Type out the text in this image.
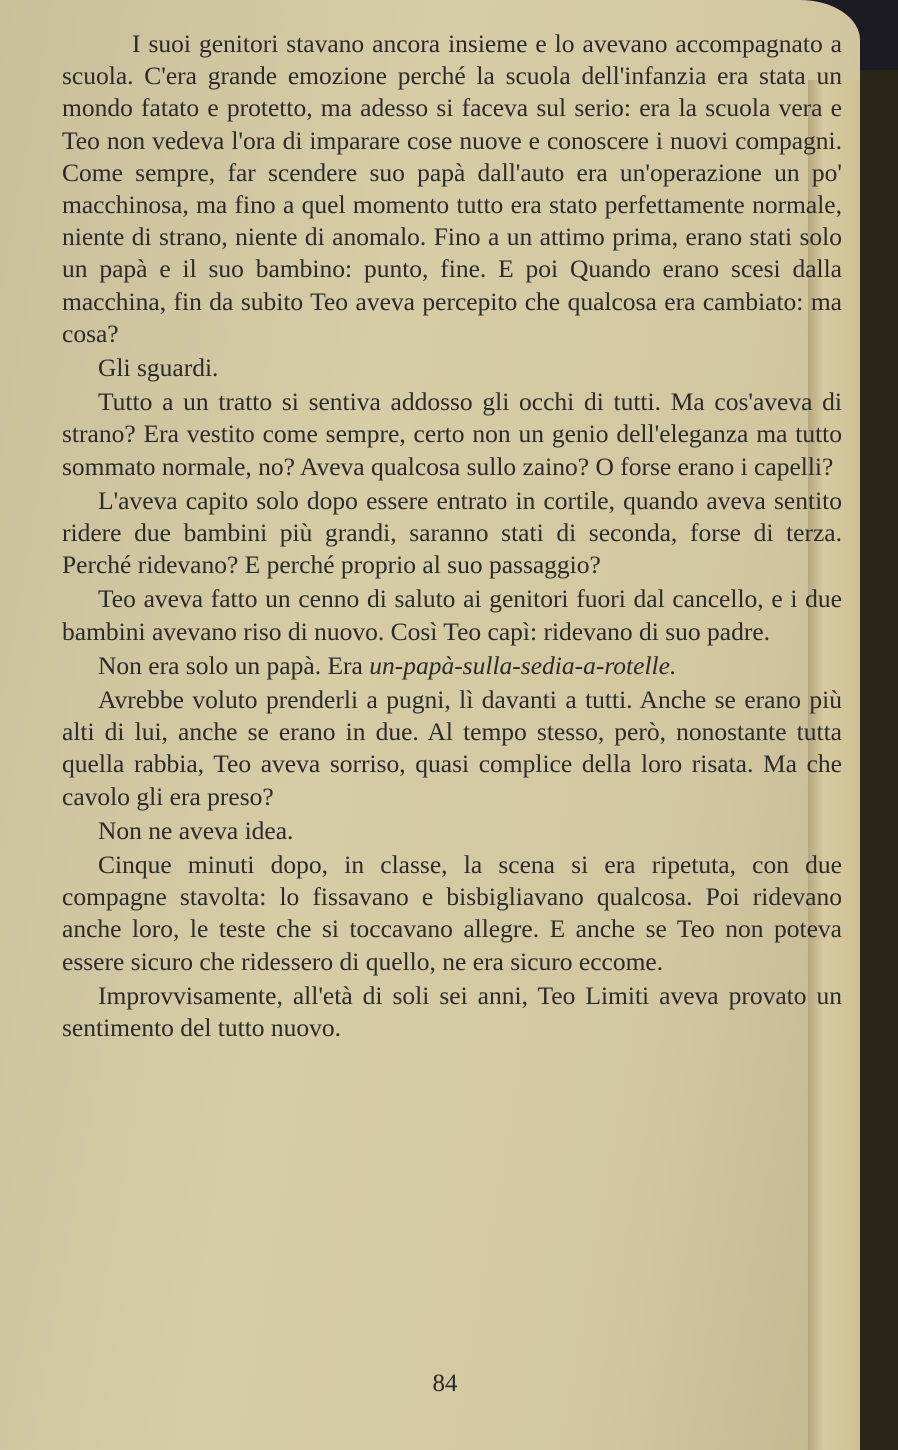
I suoi genitori stavano ancora insieme e lo avevano accompagnato a scuola. C'era grande emozione perché la scuola dell'infanzia era stata un mondo fatato e protetto, ma adesso si faceva sul serio: era la scuola vera e Teo non vedeva l'ora di imparare cose nuove e conoscere i nuovi compagni. Come sempre, far scendere suo papà dall'auto era un'operazione un po' macchinosa, ma fino a quel momento tutto era stato perfettamente normale, niente di strano, niente di anomalo. Fino a un attimo prima, erano stati solo un papà e il suo bambino: punto, fine. E poi Quando erano scesi dalla macchina, fin da subito Teo aveva percepito che qualcosa era cambiato: ma cosa?

Gli sguardi.

Tutto a un tratto si sentiva addosso gli occhi di tutti. Ma cos'aveva di strano? Era vestito come sempre, certo non un genio dell'eleganza ma tutto sommato normale, no? Aveva qualcosa sullo zaino? O forse erano i capelli?

L'aveva capito solo dopo essere entrato in cortile, quando aveva sentito ridere due bambini più grandi, saranno stati di seconda, forse di terza. Perché ridevano? E perché proprio al suo passaggio?

Teo aveva fatto un cenno di saluto ai genitori fuori dal cancello, e i due bambini avevano riso di nuovo. Così Teo capì: ridevano di suo padre.

Non era solo un papà. Era un-papà-sulla-sedia-a-rotelle.

Avrebbe voluto prenderli a pugni, lì davanti a tutti. Anche se erano più alti di lui, anche se erano in due. Al tempo stesso, però, nonostante tutta quella rabbia, Teo aveva sorriso, quasi complice della loro risata. Ma che cavolo gli era preso?

Non ne aveva idea.

Cinque minuti dopo, in classe, la scena si era ripetuta, con due compagne stavolta: lo fissavano e bisbigliavano qualcosa. Poi ridevano anche loro, le teste che si toccavano allegre. E anche se Teo non poteva essere sicuro che ridessero di quello, ne era sicuro eccome.

Improvvisamente, all'età di soli sei anni, Teo Limiti aveva provato un sentimento del tutto nuovo.

84
